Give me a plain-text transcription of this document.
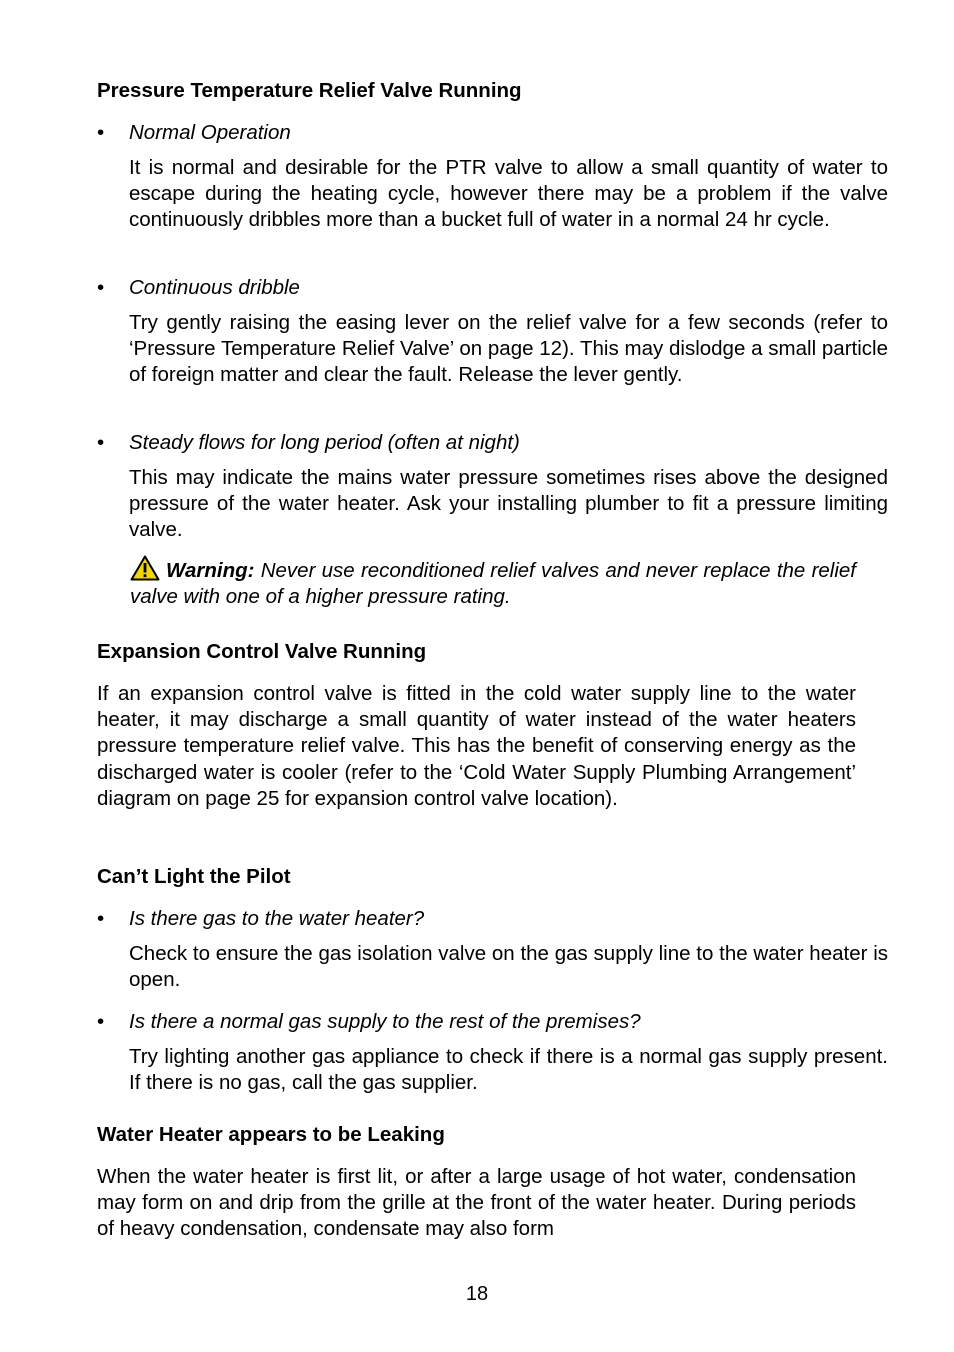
Pressure Temperature Relief Valve Running
• Normal Operation

It is normal and desirable for the PTR valve to allow a small quantity of water to escape during the heating cycle, however there may be a problem if the valve continuously dribbles more than a bucket full of water in a normal 24 hr cycle.

• Continuous dribble

Try gently raising the easing lever on the relief valve for a few seconds (refer to ‘Pressure Temperature Relief Valve’ on page 12). This may dislodge a small particle of foreign matter and clear the fault. Release the lever gently.

• Steady flows for long period (often at night)

This may indicate the mains water pressure sometimes rises above the designed pressure of the water heater. Ask your installing plumber to fit a pressure limiting valve.

Warning: Never use reconditioned relief valves and never replace the relief valve with one of a higher pressure rating.

Expansion Control Valve Running

If an expansion control valve is fitted in the cold water supply line to the water heater, it may discharge a small quantity of water instead of the water heaters pressure temperature relief valve. This has the benefit of conserving energy as the discharged water is cooler (refer to the ‘Cold Water Supply Plumbing Arrangement’ diagram on page 25 for expansion control valve location).

Can’t Light the Pilot
• Is there gas to the water heater?

Check to ensure the gas isolation valve on the gas supply line to the water heater is open.

• Is there a normal gas supply to the rest of the premises?

Try lighting another gas appliance to check if there is a normal gas supply present. If there is no gas, call the gas supplier.

Water Heater appears to be Leaking

When the water heater is first lit, or after a large usage of hot water, condensation may form on and drip from the grille at the front of the water heater. During periods of heavy condensation, condensate may also form

18
